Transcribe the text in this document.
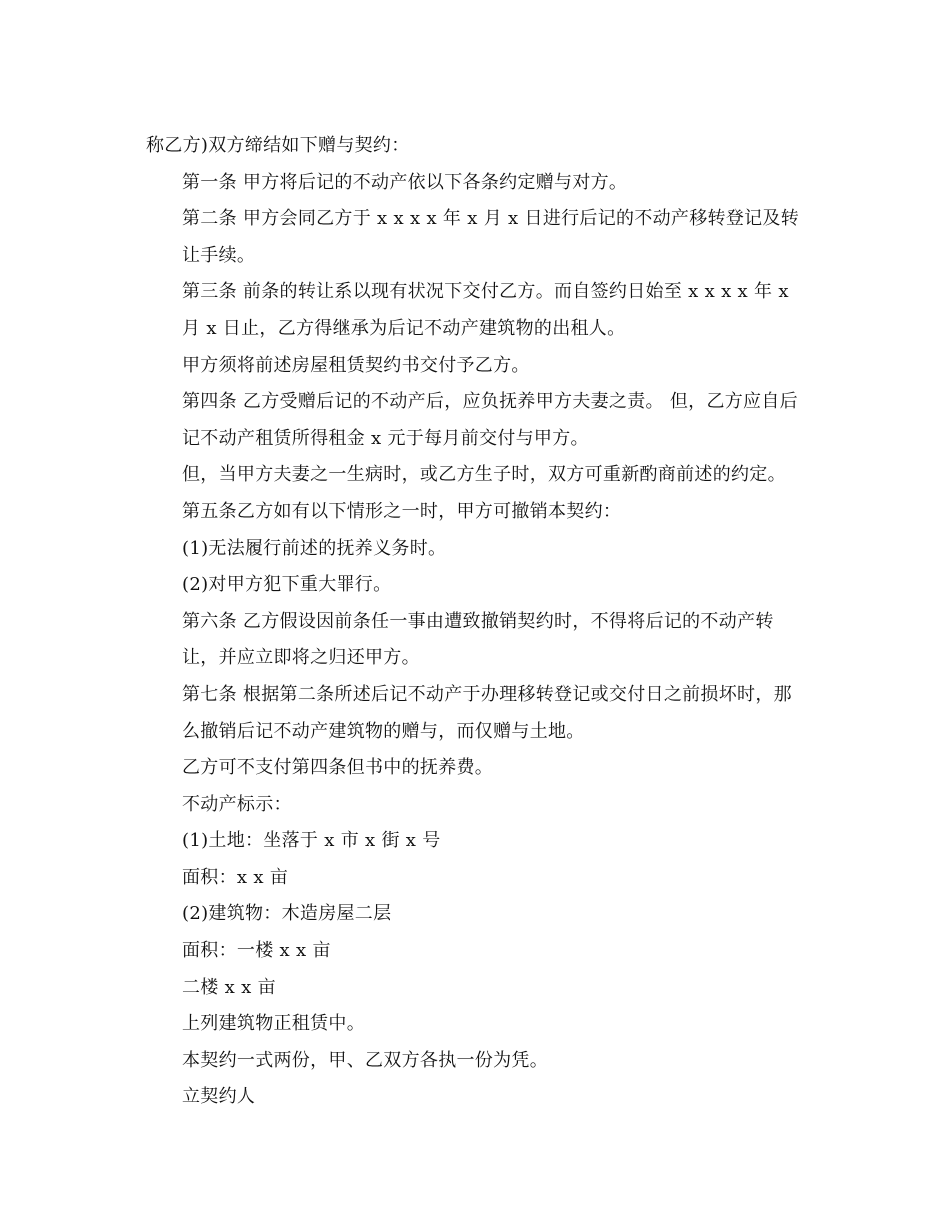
称乙方)双方缔结如下赠与契约：

第一条 甲方将后记的不动产依以下各条约定赠与对方。

第二条 甲方会同乙方于 x x x x 年 x 月 x 日进行后记的不动产移转登记及转
让手续。

第三条 前条的转让系以现有状况下交付乙方。而自签约日始至 x x x x 年 x
月 x 日止，乙方得继承为后记不动产建筑物的出租人。

甲方须将前述房屋租赁契约书交付予乙方。

第四条 乙方受赠后记的不动产后，应负抚养甲方夫妻之责。 但，乙方应自后
记不动产租赁所得租金 x 元于每月前交付与甲方。

但，当甲方夫妻之一生病时，或乙方生子时，双方可重新酌商前述的约定。

第五条乙方如有以下情形之一时，甲方可撤销本契约：

(1)无法履行前述的抚养义务时。

(2)对甲方犯下重大罪行。

第六条 乙方假设因前条任一事由遭致撤销契约时，不得将后记的不动产转
让，并应立即将之归还甲方。

第七条 根据第二条所述后记不动产于办理移转登记或交付日之前损坏时，那
么撤销后记不动产建筑物的赠与，而仅赠与土地。

乙方可不支付第四条但书中的抚养费。

不动产标示：

(1)土地：坐落于 x 市 x 街 x 号

面积：x x 亩

(2)建筑物：木造房屋二层

面积：一楼 x x 亩

二楼 x x 亩

上列建筑物正租赁中。

本契约一式两份，甲、乙双方各执一份为凭。

立契约人
